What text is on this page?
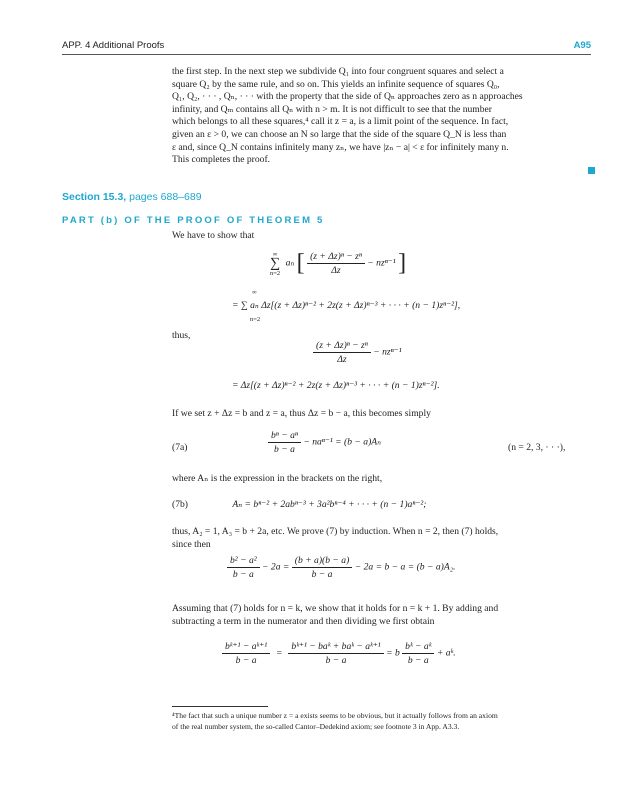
APP. 4 Additional Proofs	A95
the first step. In the next step we subdivide Q₁ into four congruent squares and select a
square Q₂ by the same rule, and so on. This yields an infinite sequence of squares Q₀,
Q₁, Q₂, · · · , Qₙ, · · · with the property that the side of Qₙ approaches zero as n approaches
infinity, and Qₘ contains all Qₙ with n > m. It is not difficult to see that the number
which belongs to all these squares,⁴ call it z = a, is a limit point of the sequence. In fact,
given an ε > 0, we can choose an N so large that the side of the square Q_N is less than
ε and, since Q_N contains infinitely many zₙ, we have |zₙ − a| < ε for infinitely many n.
This completes the proof.
Section 15.3, pages 688–689
PART (b) OF THE PROOF OF THEOREM 5
We have to show that
∞
∑
n=2
aₙ [ $\frac{\text{(z + Δz)ⁿ − zⁿ}}{\Delta z} - nz^{n-1}$ ]
= ∑ aₙ Δz[(z + Δz)ⁿ⁻² + 2z(z + Δz)ⁿ⁻³ + · · · + (n − 1)zⁿ⁻²],
∞
n=2
thus,
$\frac{\text{(z + Δz)ⁿ − zⁿ}}{\Delta z} - nz^{n-1}$
= Δz[(z + Δz)ⁿ⁻² + 2z(z + Δz)ⁿ⁻³ + · · · + (n − 1)zⁿ⁻²].
If we set z + Δz = b and z = a, thus Δz = b − a, this becomes simply
(7a)	$\frac{\text{bⁿ − aⁿ}}{b - a} - na^{n-1} = (b - a)A_n$	(n = 2, 3, · · ·),
where Aₙ is the expression in the brackets on the right,
(7b)	Aₙ = bⁿ⁻² + 2abⁿ⁻³ + 3a²bⁿ⁻⁴ + · · · + (n − 1)aⁿ⁻²;
thus, A₂ = 1, A₃ = b + 2a, etc. We prove (7) by induction. When n = 2, then (7) holds,
since then
$\frac{\text{b² − a²}}{b - a} - 2a = \frac{(b + a)(b - a)}{b - a} - 2a = b - a = (b - a)A_2$.
Assuming that (7) holds for n = k, we show that it holds for n = k + 1. By adding and
subtracting a term in the numerator and then dividing we first obtain
$\frac{\text{bᵏ⁺¹ − aᵏ⁺¹}}{b - a} = \frac{\text{bᵏ⁺¹ − baᵏ + baᵏ − aᵏ⁺¹}}{b - a} = b \frac{\text{bᵏ − aᵏ}}{b - a}$ + aᵏ.
⁴The fact that such a unique number z = a exists seems to be obvious, but it actually follows from an axiom
of the real number system, the so-called Cantor–Dedekind axiom; see footnote 3 in App. A3.3.
